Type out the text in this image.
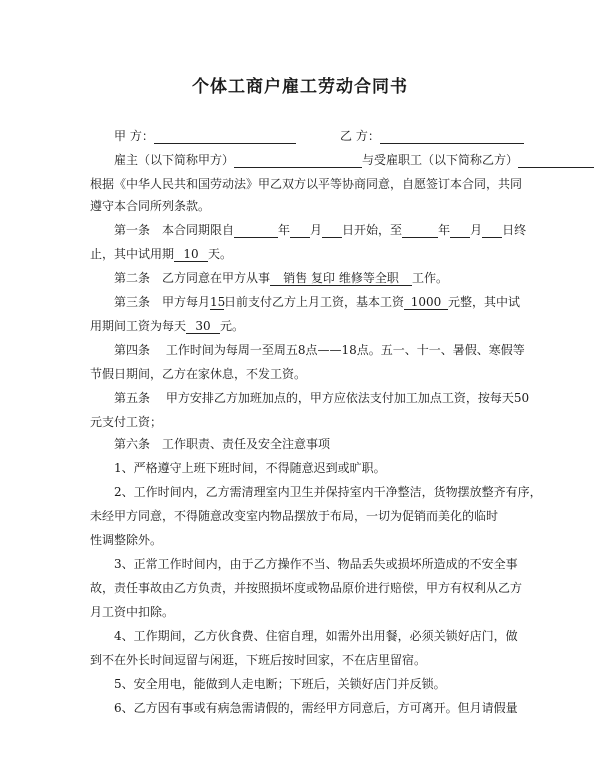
个体工商户雇工劳动合同书
甲 方：	乙 方：
雇主（以下简称甲方）	与受雇职工（以下简称乙方）
根据《中华人民共和国劳动法》甲乙双方以平等协商同意，自愿签订本合同，共同
遵守本合同所列条款。
第一条　本合同期限自	年 月 日开始，至	年 月 日终
止，其中试用期 10 天。
第二条　乙方同意在甲方从事 销售 复印 维修等全职 工作。
第三条　甲方每月15日前支付乙方上月工资，基本工资 1000 元整，其中试
用期间工资为每天 30 元。
第四条　 工作时间为每周一至周五8点——18点。五一、十一、暑假、寒假等
节假日期间，乙方在家休息，不发工资。
第五条　 甲方安排乙方加班加点的，甲方应依法支付加工加点工资，按每天50
元支付工资；
第六条　工作职责、责任及安全注意事项
1、严格遵守上班下班时间，不得随意迟到或旷职。
2、工作时间内，乙方需清理室内卫生并保持室内干净整洁，货物摆放整齐有序，
未经甲方同意，不得随意改变室内物品摆放于布局，一切为促销而美化的临时
性调整除外。
3、正常工作时间内，由于乙方操作不当、物品丢失或损坏所造成的不安全事
故，责任事故由乙方负责，并按照损坏度或物品原价进行赔偿，甲方有权利从乙方
月工资中扣除。
4、工作期间，乙方伙食费、住宿自理，如需外出用餐，必须关锁好店门，做
到不在外长时间逗留与闲逛，下班后按时回家，不在店里留宿。
5、安全用电，能做到人走电断；下班后，关锁好店门并反锁。
6、乙方因有事或有病急需请假的，需经甲方同意后，方可离开。但月请假量
